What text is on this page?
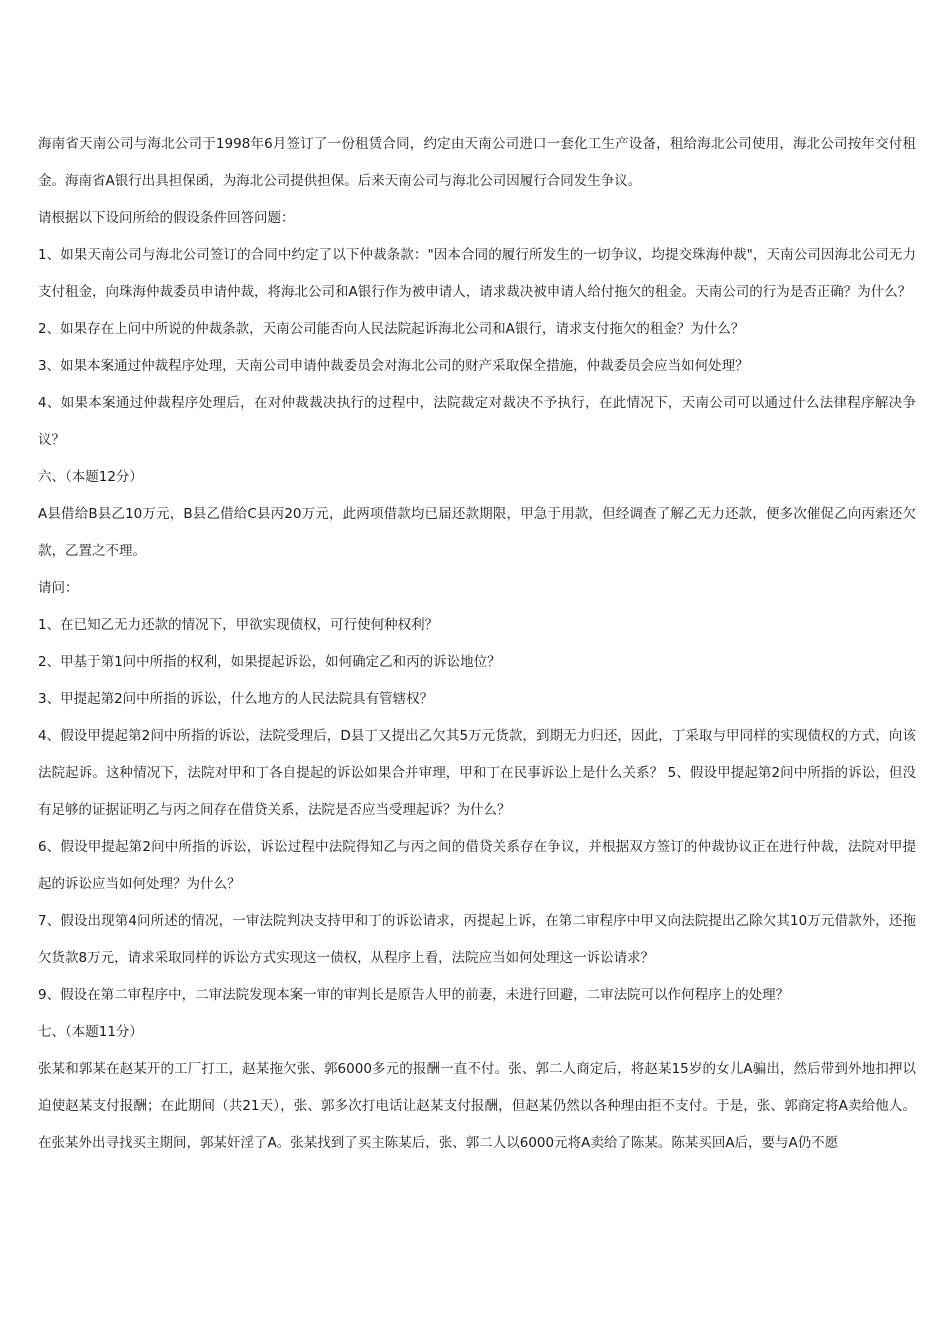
海南省天南公司与海北公司于1998年6月签订了一份租赁合同，约定由天南公司进口一套化工生产设备，租给海北公司使用，海北公司按年交付租金。海南省A银行出具担保函，为海北公司提供担保。后来天南公司与海北公司因履行合同发生争议。

请根据以下设问所给的假设条件回答问题：

1、如果天南公司与海北公司签订的合同中约定了以下仲裁条款："因本合同的履行所发生的一切争议，均提交珠海仲裁"，天南公司因海北公司无力支付租金，向珠海仲裁委员申请仲裁，将海北公司和A银行作为被申请人，请求裁决被申请人给付拖欠的租金。天南公司的行为是否正确？为什么？

2、如果存在上问中所说的仲裁条款，天南公司能否向人民法院起诉海北公司和A银行，请求支付拖欠的租金？为什么？

3、如果本案通过仲裁程序处理，天南公司申请仲裁委员会对海北公司的财产采取保全措施，仲裁委员会应当如何处理？

4、如果本案通过仲裁程序处理后，在对仲裁裁决执行的过程中，法院裁定对裁决不予执行，在此情况下，天南公司可以通过什么法律程序解决争议？

六、（本题12分）

A县借给B县乙10万元，B县乙借给C县丙20万元，此两项借款均已届还款期限，甲急于用款，但经调查了解乙无力还款，便多次催促乙向丙索还欠款，乙置之不理。

请问：

1、在已知乙无力还款的情况下，甲欲实现债权，可行使何种权利？

2、甲基于第1问中所指的权利，如果提起诉讼，如何确定乙和丙的诉讼地位？

3、甲提起第2问中所指的诉讼，什么地方的人民法院具有管辖权？

4、假设甲提起第2问中所指的诉讼，法院受理后，D县丁又提出乙欠其5万元货款，到期无力归还，因此，丁采取与甲同样的实现债权的方式，向该法院起诉。这种情况下，法院对甲和丁各自提起的诉讼如果合并审理，甲和丁在民事诉讼上是什么关系？ 5、假设甲提起第2问中所指的诉讼，但没有足够的证据证明乙与丙之间存在借贷关系，法院是否应当受理起诉？为什么？

6、假设甲提起第2问中所指的诉讼，诉讼过程中法院得知乙与丙之间的借贷关系存在争议，并根据双方签订的仲裁协议正在进行仲裁，法院对甲提起的诉讼应当如何处理？为什么？

7、假设出现第4问所述的情况，一审法院判决支持甲和丁的诉讼请求，丙提起上诉，在第二审程序中甲又向法院提出乙除欠其10万元借款外，还拖欠货款8万元，请求采取同样的诉讼方式实现这一债权，从程序上看，法院应当如何处理这一诉讼请求？

9、假设在第二审程序中，二审法院发现本案一审的审判长是原告人甲的前妻，未进行回避，二审法院可以作何程序上的处理？

七、（本题11分）

张某和郭某在赵某开的工厂打工，赵某拖欠张、郭6000多元的报酬一直不付。张、郭二人商定后，将赵某15岁的女儿A骗出，然后带到外地扣押以迫使赵某支付报酬；在此期间（共21天），张、郭多次打电话让赵某支付报酬，但赵某仍然以各种理由拒不支付。于是，张、郭商定将A卖给他人。在张某外出寻找买主期间，郭某奸淫了A。张某找到了买主陈某后，张、郭二人以6000元将A卖给了陈某。陈某买回A后，要与A仍不愿
